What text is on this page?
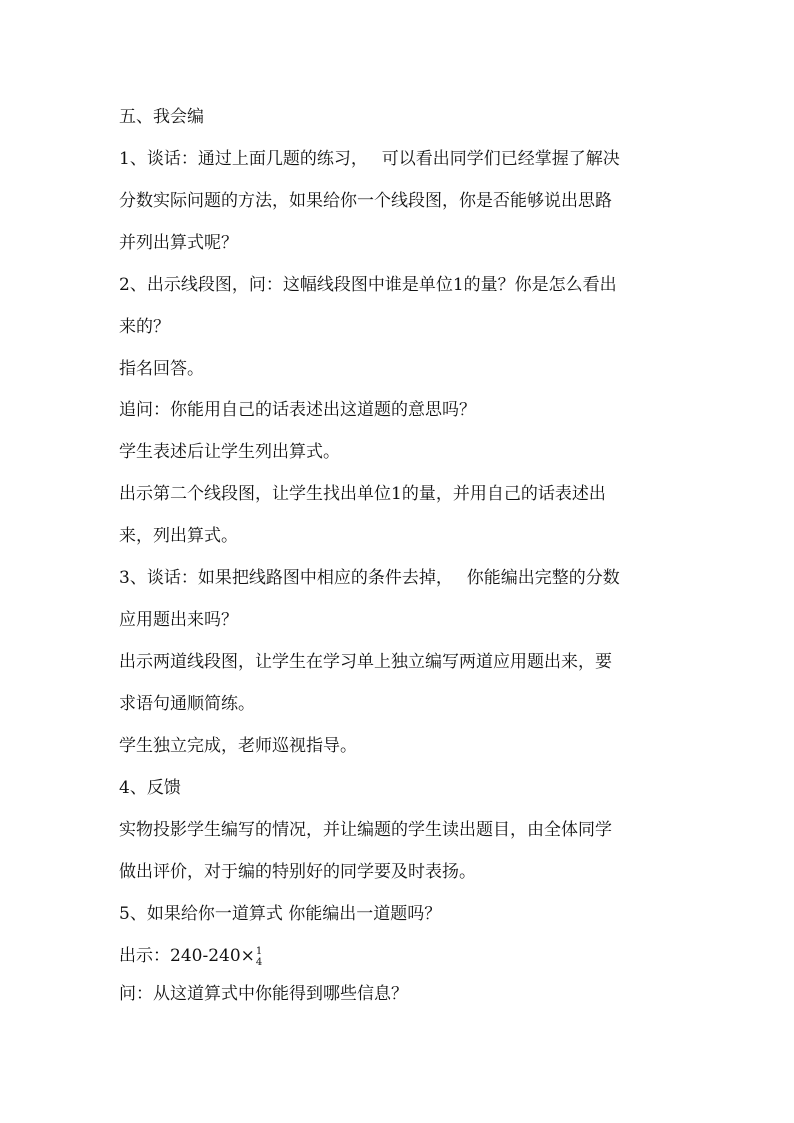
五、我会编
1、谈话：通过上面几题的练习，　 可以看出同学们已经掌握了解决
分数实际问题的方法，如果给你一个线段图，你是否能够说出思路
并列出算式呢？
2、出示线段图，问：这幅线段图中谁是单位1的量？你是怎么看出
来的？
指名回答。
追问：你能用自己的话表述出这道题的意思吗？
学生表述后让学生列出算式。
出示第二个线段图，让学生找出单位1的量，并用自己的话表述出
来，列出算式。
3、谈话：如果把线路图中相应的条件去掉，　 你能编出完整的分数
应用题出来吗？
出示两道线段图，让学生在学习单上独立编写两道应用题出来，要
求语句通顺简练。
学生独立完成，老师巡视指导。
4、反馈
实物投影学生编写的情况，并让编题的学生读出题目，由全体同学
做出评价，对于编的特别好的同学要及时表扬。
5、如果给你一道算式 你能编出一道题吗？
出示：240-240× 1
4
问：从这道算式中你能得到哪些信息？
